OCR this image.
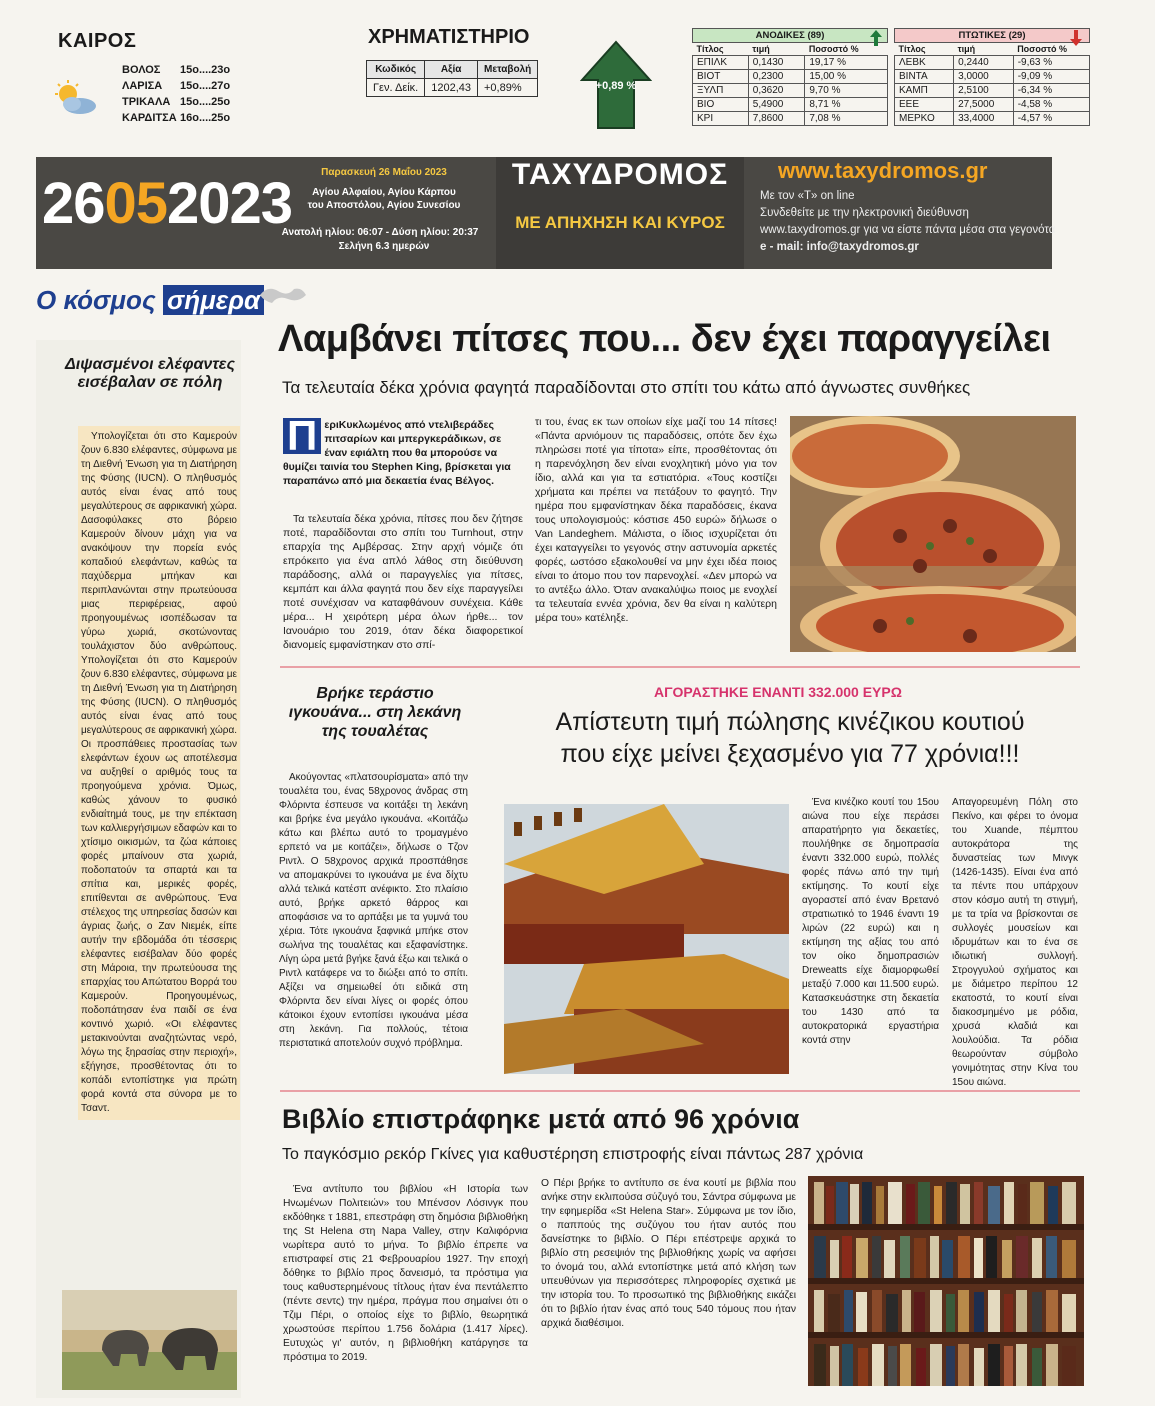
ΚΑΙΡΟΣ
ΒΟΛΟΣ	15ο....23ο
ΛΑΡΙΣΑ	15ο....27ο
ΤΡΙΚΑΛΑ 15ο....25ο
ΚΑΡΔΙΤΣΑ 16ο....25ο
ΧΡΗΜΑΤΙΣΤΗΡΙΟ
Κωδικός	Αξία	Μεταβολή
Γεν. Δείκ.	1202,43	+0,89%	+0,89 %
ΑΝΟΔΙΚΕΣ (89)		
Τίτλος	τιμή	Ποσοστό %
ΕΠΙΛΚ	0,1430	19,17 %
ΒΙΟΤ	0,2300	15,00 %
ΞΥΛΠ	0,3620	9,70 %
ΒΙΟ	5,4900	8,71 %
ΚΡΙ	7,8600	7,08 %
ΠΤΩΤΙΚΕΣ (29)		
Τίτλος	τιμή	Ποσοστό %
ΛΕΒΚ	0,2440	-9,63 %
ΒΙΝΤΑ	3,0000	-9,09 %
ΚΑΜΠ	2,5100	-6,34 %
ΕΕΕ	27,5000	-4,58 %
ΜΕΡΚΟ	33,4000	-4,57 %
26052023	Παρασκευή 26 Μαΐου 2023
Αγίου Αλφαίου, Αγίου Κάρπου
του Αποστόλου, Αγίου Συνεσίου
Ανατολή ηλίου: 06:07 - Δύση ηλίου: 20:37
Σελήνη 6.3 ημερών
ΤΑΧΥΔΡΟΜΟΣ
ΜΕ ΑΠΗΧΗΣΗ ΚΑΙ ΚΥΡΟΣ
www.taxydromos.gr
Με τον «Τ» on line
Συνδεθείτε με την ηλεκτρονική διεύθυνση
www.taxydromos.gr για να είστε πάντα μέσα στα γεγονότα
e - mail: info@taxydromos.gr
Ο κόσμος σήμερα
Διψασμένοι ελέφαντες εισέβαλαν σε πόλη
Υπολογίζεται ότι στο Καμερούν ζουν 6.830 ελέφαντες, σύμφωνα με τη Διεθνή Ένωση για τη Διατήρηση της Φύσης (IUCN). Ο πληθυσμός αυτός είναι ένας από τους μεγαλύτερους σε αφρικανική χώρα. Δασοφύλακες στο βόρειο Καμερούν δίνουν μάχη για να ανακόψουν την πορεία ενός κοπαδιού ελεφάντων, καθώς τα παχύδερμα μπήκαν και περιπλανώνται στην πρωτεύουσα μιας περιφέρειας, αφού προηγουμένως ισοπέδωσαν τα γύρω χωριά, σκοτώνοντας τουλάχιστον δύο ανθρώπους. Υπολογίζεται ότι στο Καμερούν ζουν 6.830 ελέφαντες, σύμφωνα με τη Διεθνή Ένωση για τη Διατήρηση της Φύσης (IUCN). Ο πληθυσμός αυτός είναι ένας από τους μεγαλύτερους σε αφρικανική χώρα. Οι προσπάθειες προστασίας των ελεφάντων έχουν ως αποτέλεσμα να αυξηθεί ο αριθμός τους τα προηγούμενα χρόνια. Όμως, καθώς χάνουν το φυσικό ενδιαίτημά τους, με την επέκταση των καλλιεργήσιμων εδαφών και το χτίσιμο οικισμών, τα ζώα κάποιες φορές μπαίνουν στα χωριά, ποδοπατούν τα σπαρτά και τα σπίτια και, μερικές φορές, επιτίθενται σε ανθρώπους. Ένα στέλεχος της υπηρεσίας δασών και άγριας ζωής, ο Ζαν Νιεμέκ, είπε αυτήν την εβδομάδα ότι τέσσερις ελέφαντες εισέβαλαν δύο φορές στη Μάροια, την πρωτεύουσα της επαρχίας του Απώτατου Βορρά του Καμερούν. Προηγουμένως, ποδοπάτησαν ένα παιδί σε ένα κοντινό χωριό. «Οι ελέφαντες μετακινούνται αναζητώντας νερό, λόγω της ξηρασίας στην περιοχή», εξήγησε, προσθέτοντας ότι το κοπάδι εντοπίστηκε για πρώτη φορά κοντά στα σύνορα με το Τσαντ.
Λαμβάνει πίτσες που... δεν έχει παραγγείλει
Τα τελευταία δέκα χρόνια φαγητά παραδίδονται στο σπίτι του κάτω από άγνωστες συνθήκες
Π εριKυκλωμένος από ντελιβεράδες πιτσαρίων και μπεργκεράδικων, σε έναν εφιάλτη που θα μπορούσε να θυμίζει ταινία του Stephen King, βρίσκεται για παραπάνω από μια δεκαετία ένας Βέλγος.
Τα τελευταία δέκα χρόνια, πίτσες που δεν ζήτησε ποτέ, παραδίδονται στο σπίτι του Turnhout, στην επαρχία της Αμβέρσας. Στην αρχή νόμιζε ότι επρόκειτο για ένα απλό λάθος στη διεύθυνση παράδοσης, αλλά οι παραγγελίες για πίτσες, κεμπάπ και άλλα φαγητά που δεν είχε παραγγείλει ποτέ συνέχισαν να καταφθάνουν συνέχεια. Κάθε μέρα... Η χειρότερη μέρα όλων ήρθε... τον Ιανουάριο του 2019, όταν δέκα διαφορετικοί διανομείς εμφανίστηκαν στο σπί-
τι του, ένας εκ των οποίων είχε μαζί του 14 πίτσες! «Πάντα αρνιόμουν τις παραδόσεις, οπότε δεν έχω πληρώσει ποτέ για τίποτα» είπε, προσθέτοντας ότι η παρενόχληση δεν είναι ενοχλητική μόνο για τον ίδιο, αλλά και για τα εστιατόρια. «Τους κοστίζει χρήματα και πρέπει να πετάξουν το φαγητό. Την ημέρα που εμφανίστηκαν δέκα παραδόσεις, έκανα τους υπολογισμούς: κόστισε 450 ευρώ» δήλωσε ο Van Landeghem. Μάλιστα, ο ίδιος ισχυρίζεται ότι έχει καταγγείλει το γεγονός στην αστυνομία αρκετές φορές, ωστόσο εξακολουθεί να μην έχει ιδέα ποιος είναι το άτομο που τον παρενοχλεί. «Δεν μπορώ να το αντέξω άλλο. Όταν ανακαλύψω ποιος με ενοχλεί τα τελευταία εννέα χρόνια, δεν θα είναι η καλύτερη μέρα του» κατέληξε.
Βρήκε τεράστιο ιγκουάνα... στη λεκάνη της τουαλέτας
Ακούγοντας «πλατσουρίσματα» από την τουαλέτα του, ένας 58χρονος άνδρας στη Φλόριντα έσπευσε να κοιτάξει τη λεκάνη και βρήκε ένα μεγάλο ιγκουάνα. «Κοιτάζω κάτω και βλέπω αυτό το τρομαγμένο ερπετό να με κοιτάζει», δήλωσε ο Τζον Ριντλ. Ο 58χρονος αρχικά προσπάθησε να απομακρύνει το ιγκουάνα με ένα δίχτυ αλλά τελικά κατέσπ ανέφικτο. Στο πλαίσιο αυτό, βρήκε αρκετό θάρρος και αποφάσισε να το αρπάξει με τα γυμνά του χέρια. Τότε ιγκουάνα ξαφνικά μπήκε στον σωλήνα της τουαλέτας και εξαφανίστηκε. Λίγη ώρα μετά βγήκε ξανά έξω και τελικά ο Ριντλ κατάφερε να το διώξει από το σπίτι. Αξίζει να σημειωθεί ότι ειδικά στη Φλόριντα δεν είναι λίγες οι φορές όπου κάτοικοι έχουν εντοπίσει ιγκουάνα μέσα στη λεκάνη. Για πολλούς, τέτοια περιστατικά αποτελούν συχνό πρόβλημα.
ΑΓΟΡΑΣΤΗΚΕ ΕΝΑΝΤΙ 332.000 ΕΥΡΩ
Απίστευτη τιμή πώλησης κινέζικου κουτιού
που είχε μείνει ξεχασμένο για 77 χρόνια!!!
Ένα κινέζικο κουτί του 15ου αιώνα που είχε περάσει απαρατήρητο για δεκαετίες, πουλήθηκε σε δημοπρασία έναντι 332.000 ευρώ, πολλές φορές πάνω από την τιμή εκτίμησης. Το κουτί είχε αγοραστεί από έναν Βρετανό στρατιωτικό το 1946 έναντι 19 λιρών (22 ευρώ) και η εκτίμηση της αξίας του από τον οίκο δημοπρασιών Dreweatts είχε διαμορφωθεί μεταξύ 7.000 και 11.500 ευρώ. Κατασκευάστηκε στη δεκαετία του 1430 από τα αυτοκρατορικά εργαστήρια κοντά στην
Απαγορευμένη Πόλη στο Πεκίνο, και φέρει το όνομα του Χuande, πέμπτου αυτοκράτορα της δυναστείας των Μινγκ (1426-1435). Είναι ένα από τα πέντε που υπάρχουν στον κόσμο αυτή τη στιγμή, με τα τρία να βρίσκονται σε συλλογές μουσείων και ιδρυμάτων και το ένα σε ιδιωτική συλλογή. Στρογγυλού σχήματος και με διάμετρο περίπου 12 εκατοστά, το κουτί είναι διακοσμημένο με ρόδια, χρυσά κλαδιά και λουλούδια. Τα ρόδια θεωρούνταν σύμβολο γονιμότητας στην Κίνα του 15ου αιώνα.
Βιβλίο επιστράφηκε μετά από 96 χρόνια
Το παγκόσμιο ρεκόρ Γκίνες για καθυστέρηση επιστροφής είναι πάντως 287 χρόνια
Ένα αντίτυπο του βιβλίου «Η Ιστορία των Ηνωμένων Πολιτειών» του Μπένσον Λόσινγκ που εκδόθηκε τ 1881, επεστράφη στη δημόσια βιβλιοθήκη της St Helena στη Napa Valley, στην Καλιφόρνια νωρίτερα αυτό το μήνα. Το βιβλίο έπρεπε να επιστραφεί στις 21 Φεβρουαρίου 1927. Την εποχή δόθηκε το βιβλίο προς δανεισμό, τα πρόστιμα για τους καθυστερημένους τίτλους ήταν ένα πεντάλεπτο (πέντε σεντς) την ημέρα, πράγμα που σημαίνει ότι ο Τζιμ Πέρι, ο οποίος είχε το βιβλίο, θεωρητικά χρωστούσε περίπου 1.756 δολάρια (1.417 λίρες). Ευτυχώς γι' αυτόν, η βιβλιοθήκη κατάργησε τα πρόστιμα το 2019.
Ο Πέρι βρήκε το αντίτυπο σε ένα κουτί με βιβλία που ανήκε στην εκλιπούσα σύζυγό του, Σάντρα σύμφωνα με την εφημερίδα «St Helena Star». Σύμφωνα με τον ίδιο, ο παππούς της συζύγου του ήταν αυτός που δανείστηκε το βιβλίο. Ο Πέρι επέστρεψε αρχικά το βιβλίο στη ρεσεψιόν της βιβλιοθήκης χωρίς να αφήσει το όνομά του, αλλά εντοπίστηκε μετά από κλήση των υπευθύνων για περισσότερες πληροφορίες σχετικά με την ιστορία του. Το προσωπικό της βιβλιοθήκης εικάζει ότι το βιβλίο ήταν ένας από τους 540 τόμους που ήταν αρχικά διαθέσιμοι.
